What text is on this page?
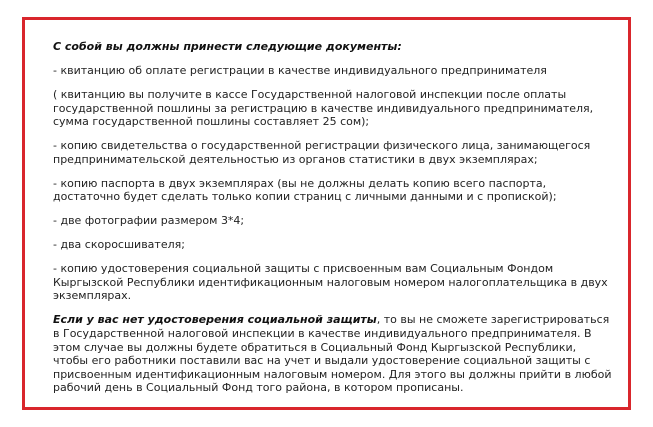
С собой вы должны принести следующие документы:

- квитанцию об оплате регистрации в качестве индивидуального предпринимателя

( квитанцию вы получите в кассе Государственной налоговой инспекции после оплаты государственной пошлины за регистрацию в качестве индивидуального предпринимателя, сумма государственной пошлины составляет 25 сом);

- копию свидетельства о государственной регистрации физического лица, занимающегося предпринимательской деятельностью из органов статистики в двух экземплярах;

- копию паспорта в двух экземплярах (вы не должны делать копию всего паспорта, достаточно будет сделать только копии страниц с личными данными и с пропиской);

- две фотографии размером 3*4;

- два скоросшивателя;

- копию удостоверения социальной защиты с присвоенным вам Социальным Фондом Кыргызской Республики идентификационным налоговым номером налогоплательщика в двух экземплярах.

Если у вас нет удостоверения социальной защиты, то вы не сможете зарегистрироваться в Государственной налоговой инспекции в качестве индивидуального предпринимателя. В этом случае вы должны будете обратиться в Социальный Фонд Кыргызской Республики, чтобы его работники поставили вас на учет и выдали удостоверение социальной защиты с присвоенным идентификационным налоговым номером. Для этого вы должны прийти в любой рабочий день в Социальный Фонд того района, в котором прописаны.
